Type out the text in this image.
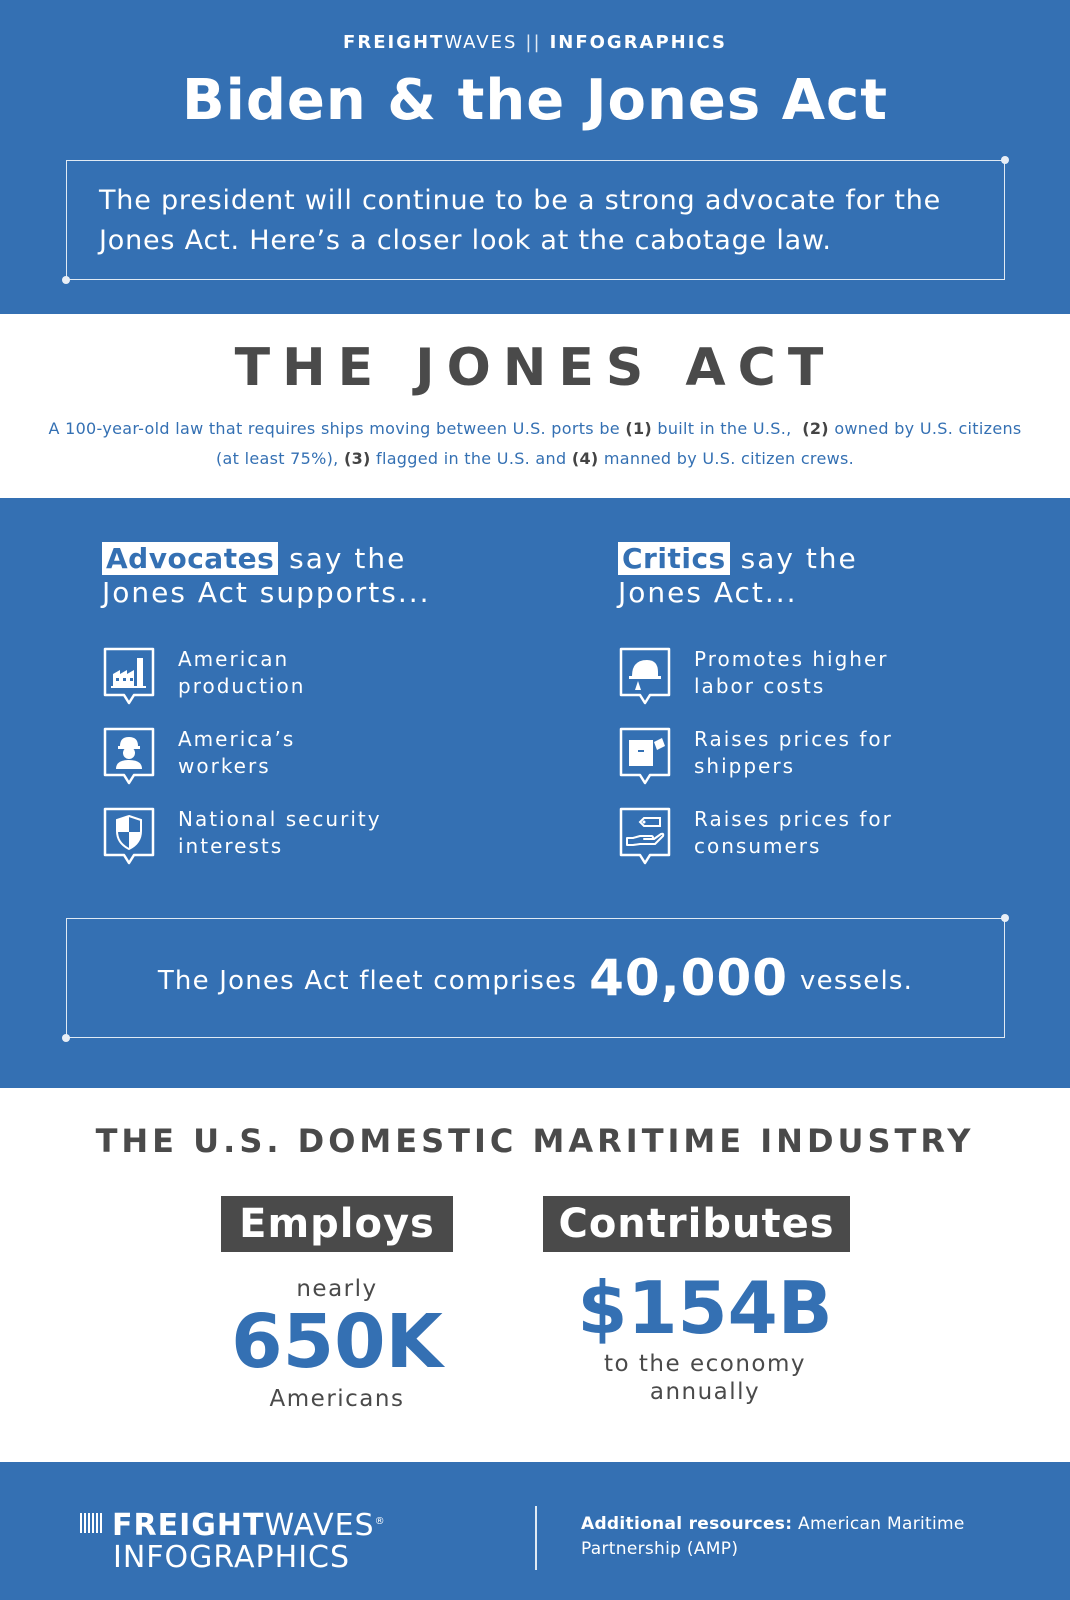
FREIGHTWAVES || INFOGRAPHICS
Biden & the Jones Act
The president will continue to be a strong advocate for the Jones Act. Here’s a closer look at the cabotage law.
THE JONES ACT
A 100-year-old law that requires ships moving between U.S. ports be (1) built in the U.S., (2) owned by U.S. citizens (at least 75%), (3) flagged in the U.S. and (4) manned by U.S. citizen crews.
Advocates say the
Jones Act supports...
American
production
America’s
workers
National security
interests
Critics say the
Jones Act...
Promotes higher
labor costs
Raises prices for
shippers
Raises prices for
consumers
The Jones Act fleet comprises 40,000 vessels.
THE U.S. DOMESTIC MARITIME INDUSTRY
Employs
nearly
650K
Americans
Contributes
$154B
to the economy
annually
FREIGHTWAVES®
INFOGRAPHICS
Additional resources: American Maritime Partnership (AMP)
